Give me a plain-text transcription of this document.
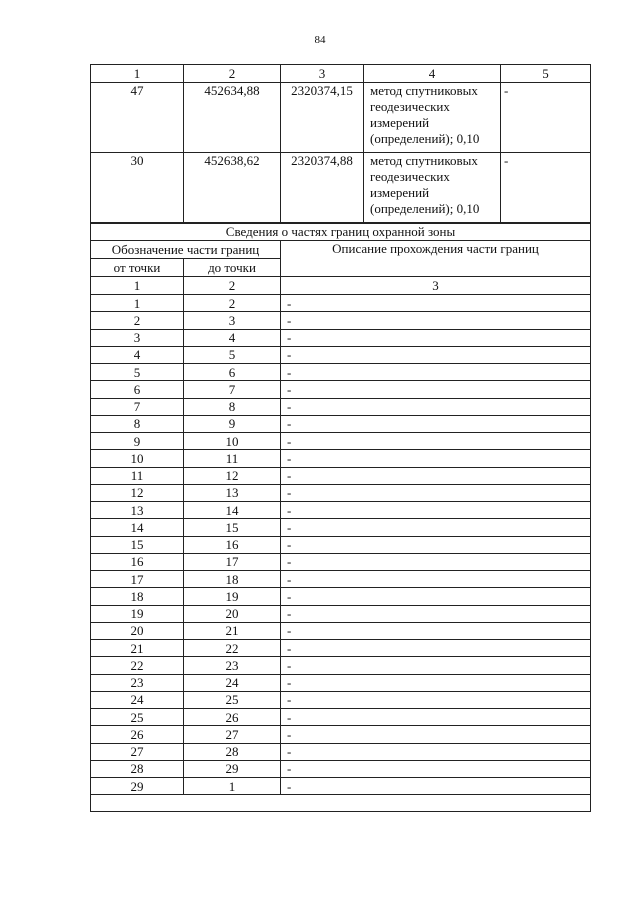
84
1	2	3	4	5
47	452634,88	2320374,15	метод спутниковых
геодезических
измерений
(определений); 0,10	-
30	452638,62	2320374,88	метод спутниковых
геодезических
измерений
(определений); 0,10	-
Сведения о частях границ охранной зоны		
Обозначение части границ		Описание прохождения части границ
от точки	до точки	
1	2	3
1	2	-
2	3	-
3	4	-
4	5	-
5	6	-
6	7	-
7	8	-
8	9	-
9	10	-
10	11	-
11	12	-
12	13	-
13	14	-
14	15	-
15	16	-
16	17	-
17	18	-
18	19	-
19	20	-
20	21	-
21	22	-
22	23	-
23	24	-
24	25	-
25	26	-
26	27	-
27	28	-
28	29	-
29	1	-
